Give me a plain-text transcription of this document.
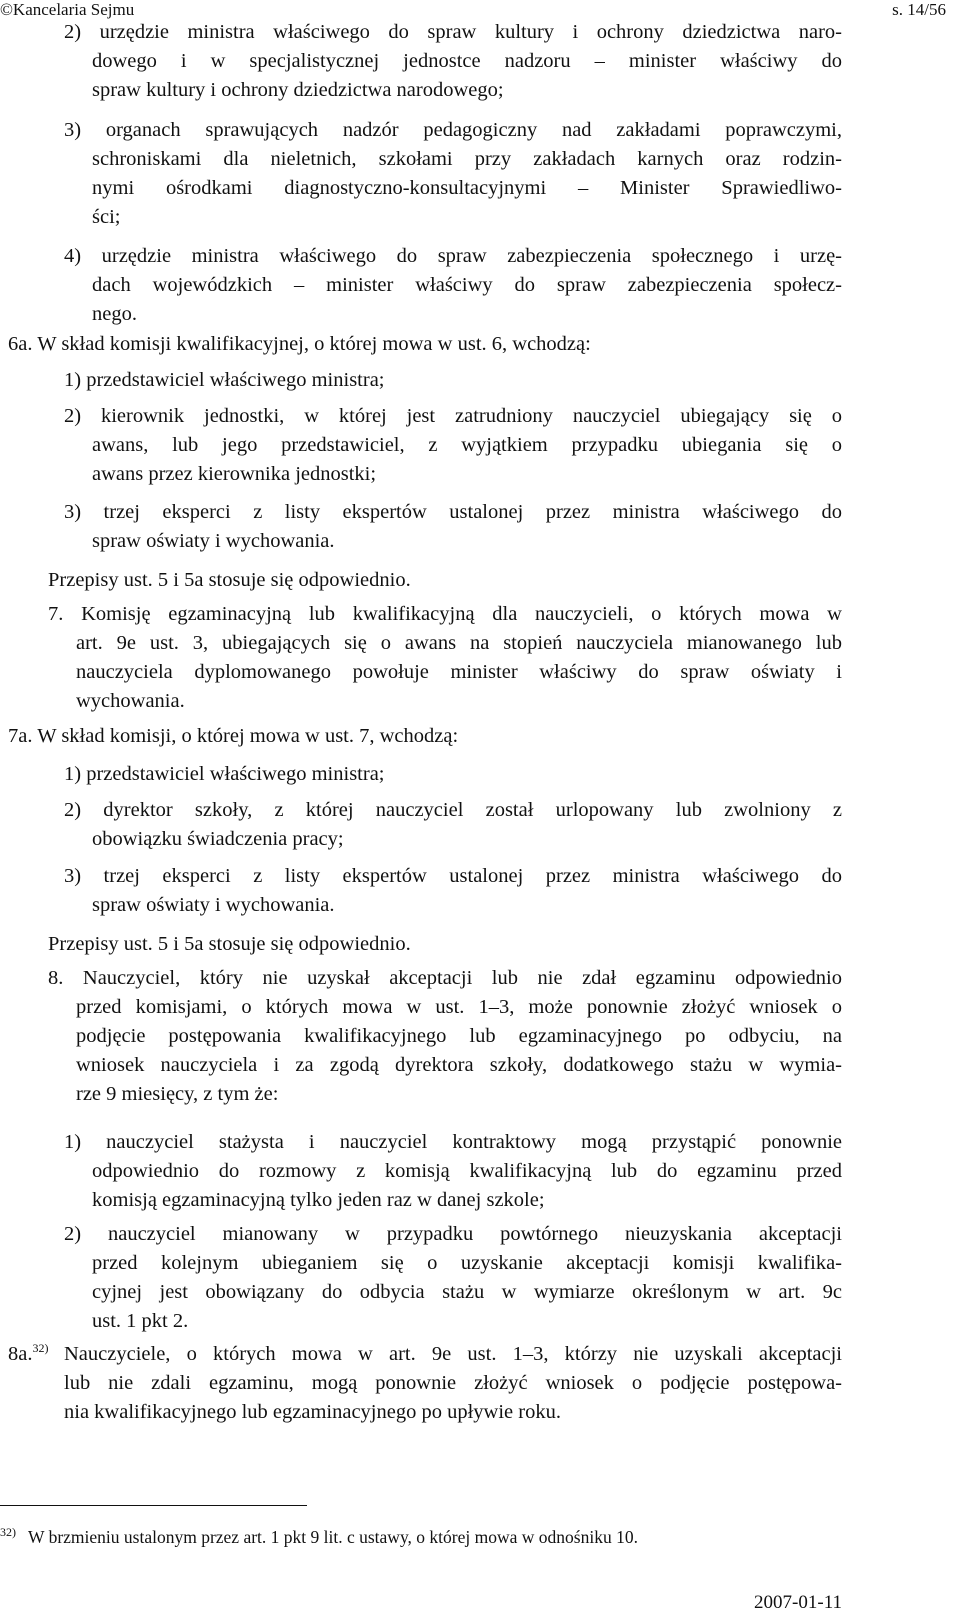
©Kancelaria Sejmu	s. 14/56
2) urzędzie ministra właściwego do spraw kultury i ochrony dziedzictwa naro-
dowego i w specjalistycznej jednostce nadzoru – minister właściwy do
spraw kultury i ochrony dziedzictwa narodowego;
3) organach sprawujących nadzór pedagogiczny nad zakładami poprawczymi,
schroniskami dla nieletnich, szkołami przy zakładach karnych oraz rodzin-
nymi ośrodkami diagnostyczno-konsultacyjnymi – Minister Sprawiedliwo-
ści;
4) urzędzie ministra właściwego do spraw zabezpieczenia społecznego i urzę-
dach wojewódzkich – minister właściwy do spraw zabezpieczenia społecz-
nego.
6a. W skład komisji kwalifikacyjnej, o której mowa w ust. 6, wchodzą:
1) przedstawiciel właściwego ministra;
2) kierownik jednostki, w której jest zatrudniony nauczyciel ubiegający się o
awans, lub jego przedstawiciel, z wyjątkiem przypadku ubiegania się o
awans przez kierownika jednostki;
3) trzej eksperci z listy ekspertów ustalonej przez ministra właściwego do
spraw oświaty i wychowania.
Przepisy ust. 5 i 5a stosuje się odpowiednio.
7. Komisję egzaminacyjną lub kwalifikacyjną dla nauczycieli, o których mowa w
art. 9e ust. 3, ubiegających się o awans na stopień nauczyciela mianowanego lub
nauczyciela dyplomowanego powołuje minister właściwy do spraw oświaty i
wychowania.
7a. W skład komisji, o której mowa w ust. 7, wchodzą:
1) przedstawiciel właściwego ministra;
2) dyrektor szkoły, z której nauczyciel został urlopowany lub zwolniony z
obowiązku świadczenia pracy;
3) trzej eksperci z listy ekspertów ustalonej przez ministra właściwego do
spraw oświaty i wychowania.
Przepisy ust. 5 i 5a stosuje się odpowiednio.
8. Nauczyciel, który nie uzyskał akceptacji lub nie zdał egzaminu odpowiednio
przed komisjami, o których mowa w ust. 1–3, może ponownie złożyć wniosek o
podjęcie postępowania kwalifikacyjnego lub egzaminacyjnego po odbyciu, na
wniosek nauczyciela i za zgodą dyrektora szkoły, dodatkowego stażu w wymia-
rze 9 miesięcy, z tym że:
1) nauczyciel stażysta i nauczyciel kontraktowy mogą przystąpić ponownie
odpowiednio do rozmowy z komisją kwalifikacyjną lub do egzaminu przed
komisją egzaminacyjną tylko jeden raz w danej szkole;
2) nauczyciel mianowany w przypadku powtórnego nieuzyskania akceptacji
przed kolejnym ubieganiem się o uzyskanie akceptacji komisji kwalifika-
cyjnej jest obowiązany do odbycia stażu w wymiarze określonym w art. 9c
ust. 1 pkt 2.
8a.$^{32)}$ Nauczyciele, o których mowa w art. 9e ust. 1–3, którzy nie uzyskali akceptacji
lub nie zdali egzaminu, mogą ponownie złożyć wniosek o podjęcie postępowa-
nia kwalifikacyjnego lub egzaminacyjnego po upływie roku.
$^{32)}$ W brzmieniu ustalonym przez art. 1 pkt 9 lit. c ustawy, o której mowa w odnośniku 10.
2007-01-11
